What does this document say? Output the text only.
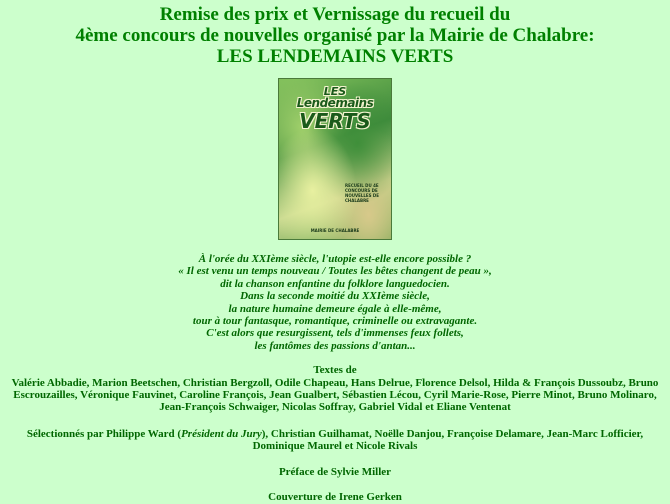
Remise des prix et Vernissage du recueil du
4ème concours de nouvelles organisé par la Mairie de Chalabre:
LES LENDEMAINS VERTS
LES
Lendemains
VERTS
RECUEIL DU 4E CONCOURS DE NOUVELLES DE CHALABRE
MAIRIE DE CHALABRE
À l'orée du XXIème siècle, l'utopie est-elle encore possible ?
« Il est venu un temps nouveau / Toutes les bêtes changent de peau »,
dit la chanson enfantine du folklore languedocien.
Dans la seconde moitié du XXIème siècle,
la nature humaine demeure égale à elle-même,
tour à tour fantasque, romantique, criminelle ou extravagante.
C'est alors que resurgissent, tels d'immenses feux follets,
les fantômes des passions d'antan...
Textes de
Valérie Abbadie, Marion Beetschen, Christian Bergzoll, Odile Chapeau, Hans Delrue, Florence Delsol, Hilda & François Dussoubz, Bruno Escrouzailles, Véronique Fauvinet, Caroline François, Jean Gualbert, Sébastien Lécou, Cyril Marie-Rose, Pierre Minot, Bruno Molinaro, Jean-François Schwaiger, Nicolas Soffray, Gabriel Vidal et Eliane Ventenat
Sélectionnés par Philippe Ward (Président du Jury), Christian Guilhamat, Noëlle Danjou, Françoise Delamare, Jean-Marc Lofficier, Dominique Maurel et Nicole Rivals
Préface de Sylvie Miller
Couverture de Irene Gerken
